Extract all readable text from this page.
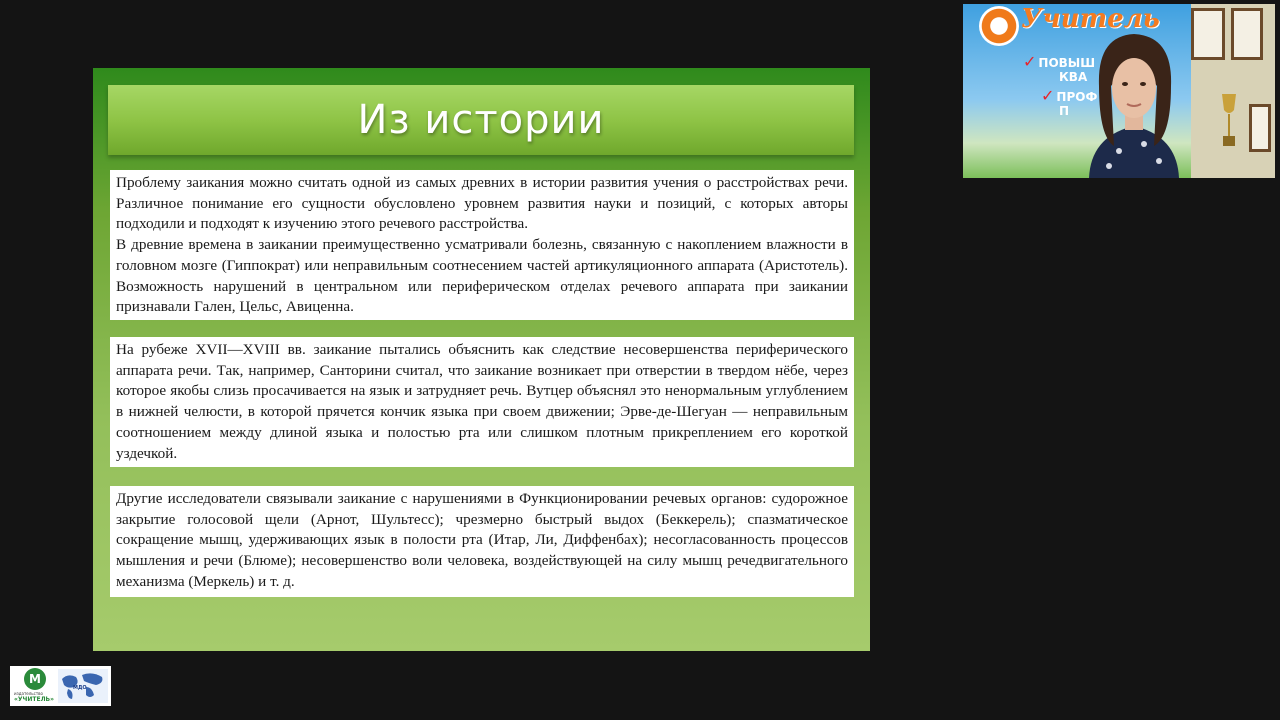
Из истории

Проблему заикания можно считать одной из самых древних в истории развития учения о расстройствах речи. Различное понимание его сущности обусловлено уровнем развития науки и позиций, с которых авторы подходили и подходят к изучению этого речевого расстройства.

В древние времена в заикании преимущественно усматривали болезнь, связанную с накоплением влажности в головном мозге (Гиппократ) или неправильным соотнесением частей артикуляционного аппарата (Аристотель). Возможность нарушений в центральном или периферическом отделах речевого аппарата при заикании признавали Гален, Цельс, Авиценна.

На рубеже XVII—XVIII вв. заикание пытались объяснить как следствие несовершенства периферического аппарата речи. Так, например, Санторини считал, что заикание возникает при отверстии в твердом нёбе, через которое якобы слизь просачивается на язык и затрудняет речь. Вутцер объяснял это ненормальным углублением в нижней челюсти, в которой прячется кончик языка при своем движении; Эрве-де-Шегуан — неправильным соотношением между длиной языка и полостью рта или слишком плотным прикреплением его короткой уздечкой.

Другие исследователи связывали заикание с нарушениями в Функционировании речевых органов: судорожное закрытие голосовой щели (Арнот, Шультесс); чрезмерно быстрый выдох (Беккерель); спазматическое сокращение мышц, удерживающих язык в полости рта (Итар, Ли, Диффенбах); несогласованность процессов мышления и речи (Блюме); несовершенство воли человека, воздействующей на силу мышц речедвигательного механизма (Меркель) и т. д.

Учитель
✓ ПОВЫШ
КВА
✓ ПРОФ
П
M
издательство
«УЧИТЕЛЬ»
МДО
